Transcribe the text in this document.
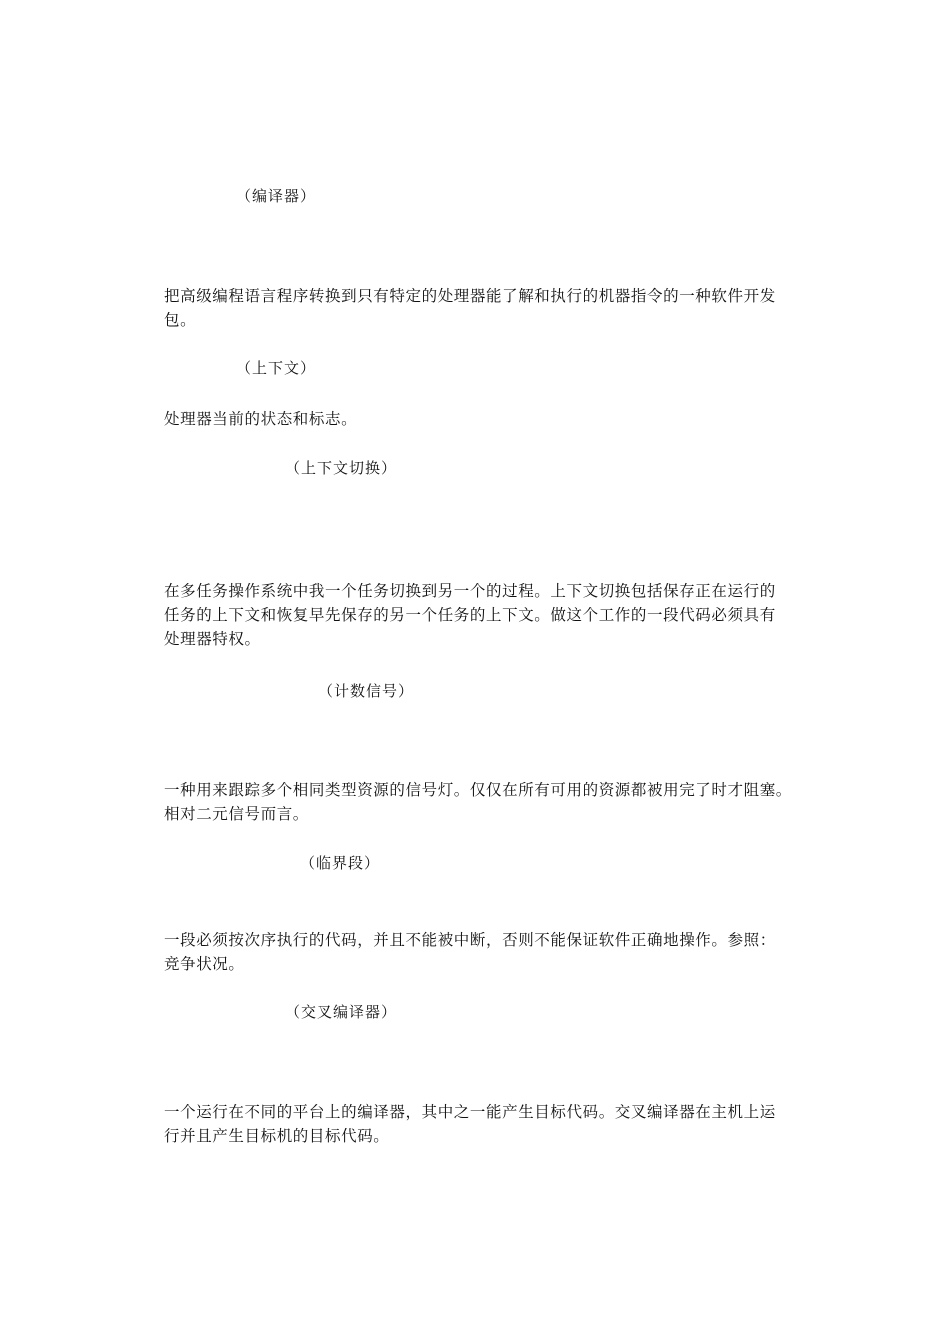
（编译器）

把高级编程语言程序转换到只有特定的处理器能了解和执行的机器指令的一种软件开发

包。

（上下文）

处理器当前的状态和标志。

（上下文切换）

在多任务操作系统中我一个任务切换到另一个的过程。上下文切换包括保存正在运行的

任务的上下文和恢复早先保存的另一个任务的上下文。做这个工作的一段代码必须具有

处理器特权。

（计数信号）

一种用来跟踪多个相同类型资源的信号灯。仅仅在所有可用的资源都被用完了时才阻塞。

相对二元信号而言。

（临界段）

一段必须按次序执行的代码，并且不能被中断，否则不能保证软件正确地操作。参照：

竞争状况。

（交叉编译器）

一个运行在不同的平台上的编译器，其中之一能产生目标代码。交叉编译器在主机上运

行并且产生目标机的目标代码。
